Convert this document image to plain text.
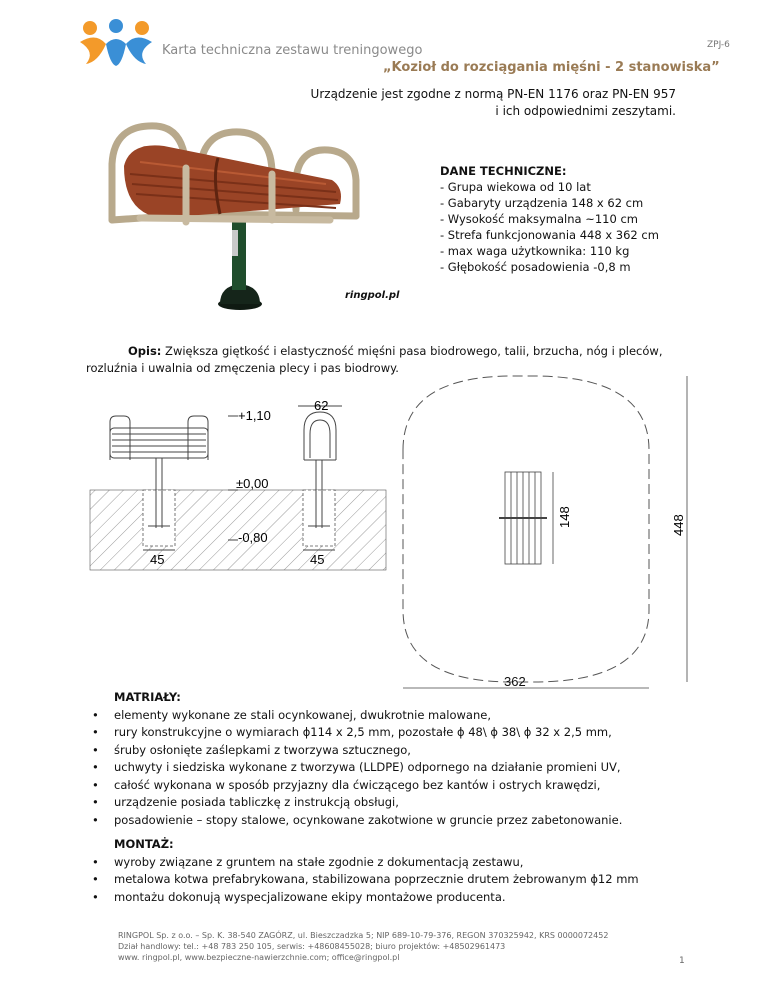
Karta techniczna zestawu treningowego
„Kozioł do rozciągania mięśni - 2 stanowiska”
ZPJ-6
Urządzenie jest zgodne z normą PN-EN 1176 oraz PN-EN 957
i ich odpowiednimi zeszytami.
ringpol.pl
DANE TECHNICZNE:
- Grupa wiekowa od 10 lat
- Gabaryty urządzenia 148 x 62 cm
- Wysokość maksymalna ~110 cm
- Strefa funkcjonowania 448 x 362 cm
- max waga użytkownika: 110 kg
- Głębokość posadowienia -0,8 m
Opis: Zwiększa giętkość i elastyczność mięśni pasa biodrowego, talii, brzucha, nóg i pleców, rozluźnia i uwalnia od zmęczenia plecy i pas biodrowy.
+1,10
62
±0,00
-0,80
45	45
148	448
362
MATRIAŁY:
• elementy wykonane ze stali ocynkowanej, dwukrotnie malowane,
• rury konstrukcyjne o wymiarach ϕ114 x 2,5 mm, pozostałe ϕ 48\ ϕ 38\ ϕ 32 x 2,5 mm,
• śruby osłonięte zaślepkami z tworzywa sztucznego,
• uchwyty i siedziska wykonane z tworzywa (LLDPE) odpornego na działanie promieni UV,
• całość wykonana w sposób przyjazny dla ćwiczącego bez kantów i ostrych krawędzi,
• urządzenie posiada tabliczkę z instrukcją obsługi,
• posadowienie – stopy stalowe, ocynkowane zakotwione w gruncie przez zabetonowanie.
MONTAŻ:
• wyroby związane z gruntem na stałe zgodnie z dokumentacją zestawu,
• metalowa kotwa prefabrykowana, stabilizowana poprzecznie drutem żebrowanym ϕ12 mm
• montażu dokonują wyspecjalizowane ekipy montażowe producenta.
RINGPOL Sp. z o.o. – Sp. K. 38-540 ZAGÓRZ, ul. Bieszczadzka 5; NIP 689-10-79-376, REGON 370325942, KRS 0000072452
Dział handlowy: tel.: +48 783 250 105, serwis: +48608455028; biuro projektów: +48502961473
www. ringpol.pl, www.bezpieczne-nawierzchnie.com; office@ringpol.pl	1
